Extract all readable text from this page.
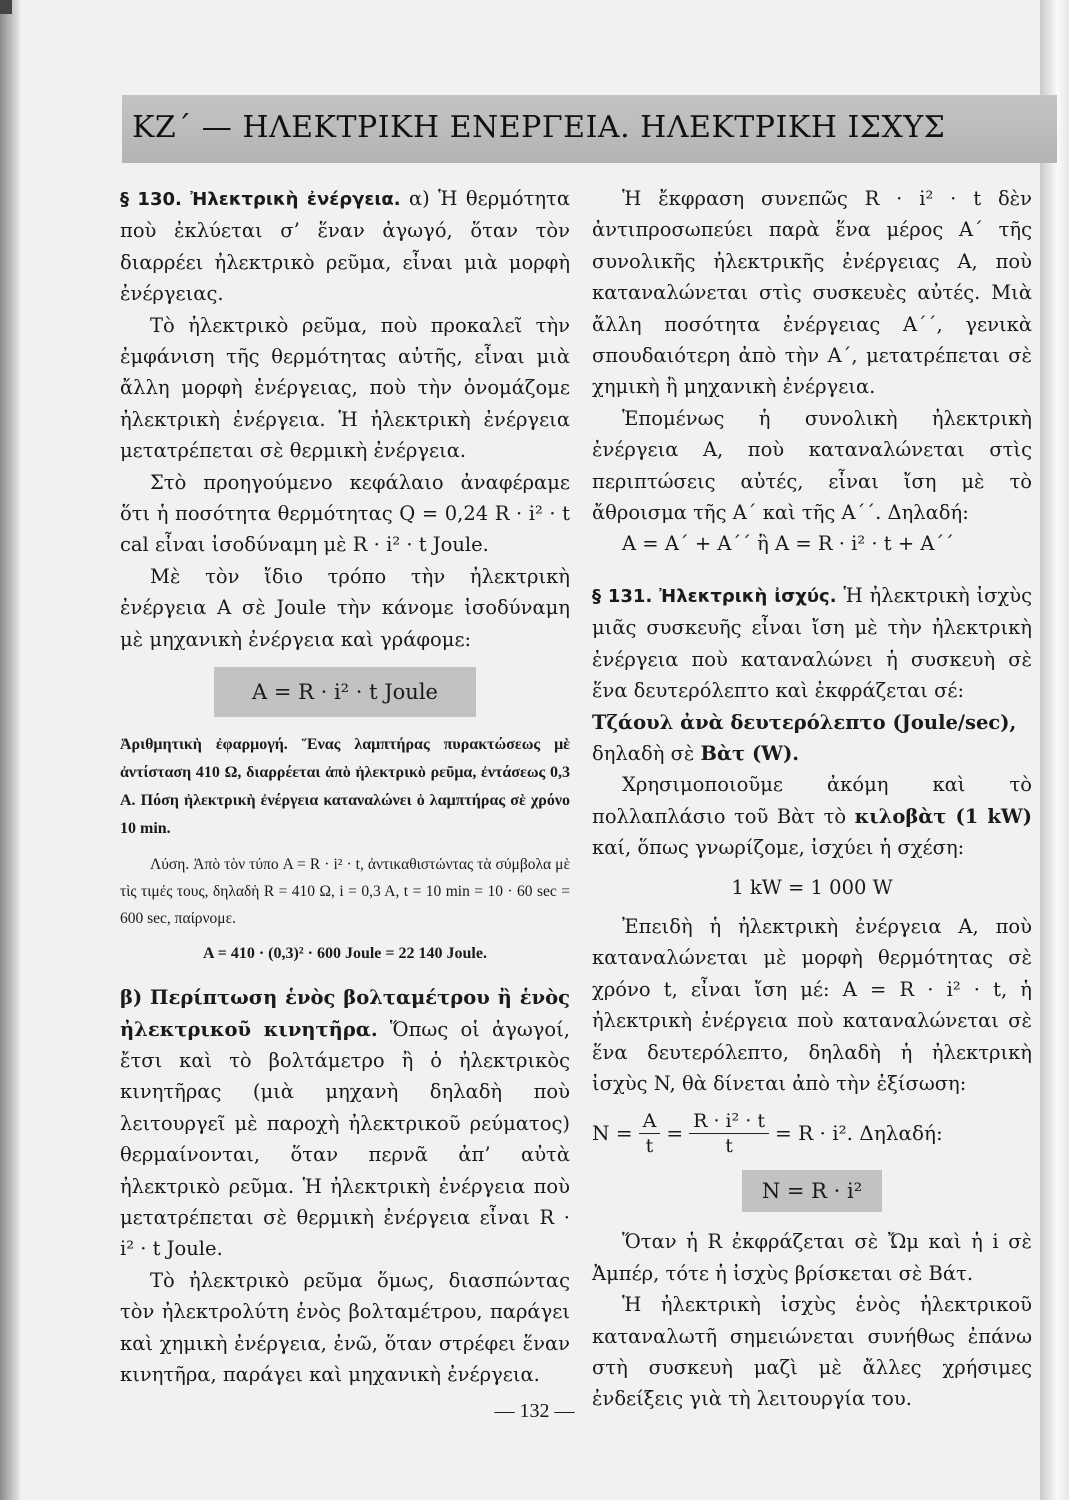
ΚΖ΄ — ΗΛΕΚΤΡΙΚΗ ΕΝΕΡΓΕΙΑ. ΗΛΕΚΤΡΙΚΗ ΙΣΧΥΣ

§ 130. Ἠλεκτρικὴ ἐνέργεια. α) Ἡ θερμότητα ποὺ ἐκλύεται σ’ ἕναν ἀγωγό, ὅταν τὸν διαρρέει ἠλεκτρικὸ ρεῦμα, εἶναι μιὰ μορφὴ ἐνέργειας.

Τὸ ἠλεκτρικὸ ρεῦμα, ποὺ προκαλεῖ τὴν ἐμφάνιση τῆς θερμότητας αὐτῆς, εἶναι μιὰ ἄλλη μορφὴ ἐνέργειας, ποὺ τὴν ὀνομάζομε ἠλεκτρικὴ ἐνέργεια. Ἡ ἠλεκτρικὴ ἐνέργεια μετατρέπεται σὲ θερμικὴ ἐνέργεια.

Στὸ προηγούμενο κεφάλαιο ἀναφέραμε ὅτι ἡ ποσότητα θερμότητας Q = 0,24 R · i² · t cal εἶναι ἰσοδύναμη μὲ R · i² · t Joule.

Μὲ τὸν ἴδιο τρόπο τὴν ἠλεκτρικὴ ἐνέργεια Α σὲ Joule τὴν κάνομε ἰσοδύναμη μὲ μηχανικὴ ἐνέργεια καὶ γράφομε:

A = R · i² · t Joule

Ἀριθμητικὴ ἐφαρμογή. Ἕνας λαμπτήρας πυρακτώσεως μὲ ἀντίσταση 410 Ω, διαρρέεται ἀπὸ ἠλεκτρικὸ ρεῦμα, ἐντάσεως 0,3 Α. Πόση ἠλεκτρικὴ ἐνέργεια καταναλώνει ὁ λαμπτήρας σὲ χρόνο 10 min.

Λύση. Ἀπὸ τὸν τύπο A = R · i² · t, ἀντικαθιστώντας τὰ σύμβολα μὲ τὶς τιμές τους, δηλαδὴ R = 410 Ω, i = 0,3 A, t = 10 min = 10 · 60 sec = 600 sec, παίρνομε.

A = 410 · (0,3)² · 600 Joule = 22 140 Joule.

β) Περίπτωση ἑνὸς βολταμέτρου ἢ ἑνὸς ἠλεκτρικοῦ κινητῆρα. Ὅπως οἱ ἀγωγοί, ἔτσι καὶ τὸ βολτάμετρο ἢ ὁ ἠλεκτρικὸς κινητῆρας (μιὰ μηχανὴ δηλαδὴ ποὺ λειτουργεῖ μὲ παροχὴ ἠλεκτρικοῦ ρεύματος) θερμαίνονται, ὅταν περνᾶ ἀπ’ αὐτὰ ἠλεκτρικὸ ρεῦμα. Ἡ ἠλεκτρικὴ ἐνέργεια ποὺ μετατρέπεται σὲ θερμικὴ ἐνέργεια εἶναι R · i² · t Joule.

Τὸ ἠλεκτρικὸ ρεῦμα ὅμως, διασπώντας τὸν ἠλεκτρολύτη ἑνὸς βολταμέτρου, παράγει καὶ χημικὴ ἐνέργεια, ἐνῶ, ὅταν στρέφει ἕναν κινητῆρα, παράγει καὶ μηχανικὴ ἐνέργεια.

Ἡ ἔκφραση συνεπῶς R · i² · t δὲν ἀντιπροσωπεύει παρὰ ἕνα μέρος Α΄ τῆς συνολικῆς ἠλεκτρικῆς ἐνέργειας Α, ποὺ καταναλώνεται στὶς συσκευὲς αὐτές. Μιὰ ἄλλη ποσότητα ἐνέργειας Α΄΄, γενικὰ σπουδαιότερη ἀπὸ τὴν Α΄, μετατρέπεται σὲ χημικὴ ἢ μηχανικὴ ἐνέργεια.

Ἑπομένως ἡ συνολικὴ ἠλεκτρικὴ ἐνέργεια Α, ποὺ καταναλώνεται στὶς περιπτώσεις αὐτές, εἶναι ἴση μὲ τὸ ἄθροισμα τῆς Α΄ καὶ τῆς Α΄΄. Δηλαδή:

A = A΄ + A΄΄ ἢ A = R · i² · t + A΄΄

§ 131. Ἠλεκτρικὴ ἰσχύς. Ἡ ἠλεκτρικὴ ἰσχὺς μιᾶς συσκευῆς εἶναι ἴση μὲ τὴν ἠλεκτρικὴ ἐνέργεια ποὺ καταναλώνει ἡ συσκευὴ σὲ ἕνα δευτερόλεπτο καὶ ἐκφράζεται σέ:

Τζάουλ ἀνὰ δευτερόλεπτο (Joule/sec),

δηλαδὴ σὲ Βὰτ (W).

Χρησιμοποιοῦμε ἀκόμη καὶ τὸ πολλαπλάσιο τοῦ Βὰτ τὸ κιλοβὰτ (1 kW) καί, ὅπως γνωρίζομε, ἰσχύει ἡ σχέση:

1 kW = 1 000 W

Ἐπειδὴ ἡ ἠλεκτρικὴ ἐνέργεια Α, ποὺ καταναλώνεται μὲ μορφὴ θερμότητας σὲ χρόνο t, εἶναι ἴση μέ: A = R · i² · t, ἡ ἠλεκτρικὴ ἐνέργεια ποὺ καταναλώνεται σὲ ἕνα δευτερόλεπτο, δηλαδὴ ἡ ἠλεκτρικὴ ἰσχὺς N, θὰ δίνεται ἀπὸ τὴν ἐξίσωση:

$N = \frac{A}{t} = \frac{\text{R · i² · t}}{t} = R \cdot i^2$. Δηλαδή:
N = R · i²

Ὅταν ἡ R ἐκφράζεται σὲ Ὤμ καὶ ἡ i σὲ Ἀμπέρ, τότε ἡ ἰσχὺς βρίσκεται σὲ Βάτ.

Ἡ ἠλεκτρικὴ ἰσχὺς ἑνὸς ἠλεκτρικοῦ καταναλωτῆ σημειώνεται συνήθως ἐπάνω στὴ συσκευὴ μαζὶ μὲ ἄλλες χρήσιμες ἐνδείξεις γιὰ τὴ λειτουργία του.

— 132 —
